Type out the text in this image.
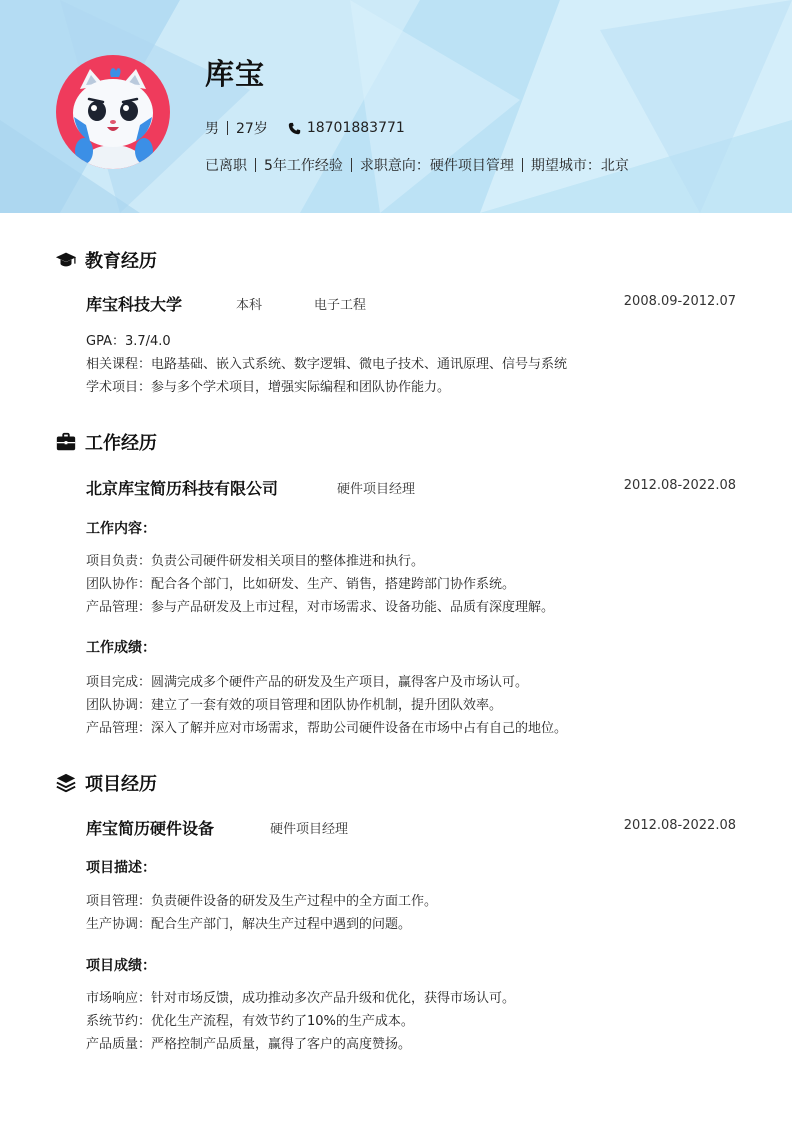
库宝
男 27岁	18701883771
已离职 5年工作经验 求职意向：硬件项目管理 期望城市：北京
教育经历
库宝科技大学	本科	电子工程	2008.09-2012.07
GPA：3.7/4.0
相关课程：电路基础、嵌入式系统、数字逻辑、微电子技术、通讯原理、信号与系统
学术项目：参与多个学术项目，增强实际编程和团队协作能力。
工作经历
北京库宝简历科技有限公司	硬件项目经理	2012.08-2022.08
工作内容：
项目负责：负责公司硬件研发相关项目的整体推进和执行。
团队协作：配合各个部门，比如研发、生产、销售，搭建跨部门协作系统。
产品管理：参与产品研发及上市过程，对市场需求、设备功能、品质有深度理解。
工作成绩：
项目完成：圆满完成多个硬件产品的研发及生产项目，赢得客户及市场认可。
团队协调：建立了一套有效的项目管理和团队协作机制，提升团队效率。
产品管理：深入了解并应对市场需求，帮助公司硬件设备在市场中占有自己的地位。
项目经历
库宝简历硬件设备	硬件项目经理	2012.08-2022.08
项目描述：
项目管理：负责硬件设备的研发及生产过程中的全方面工作。
生产协调：配合生产部门，解决生产过程中遇到的问题。
项目成绩：
市场响应：针对市场反馈，成功推动多次产品升级和优化，获得市场认可。
系统节约：优化生产流程，有效节约了10%的生产成本。
产品质量：严格控制产品质量，赢得了客户的高度赞扬。
